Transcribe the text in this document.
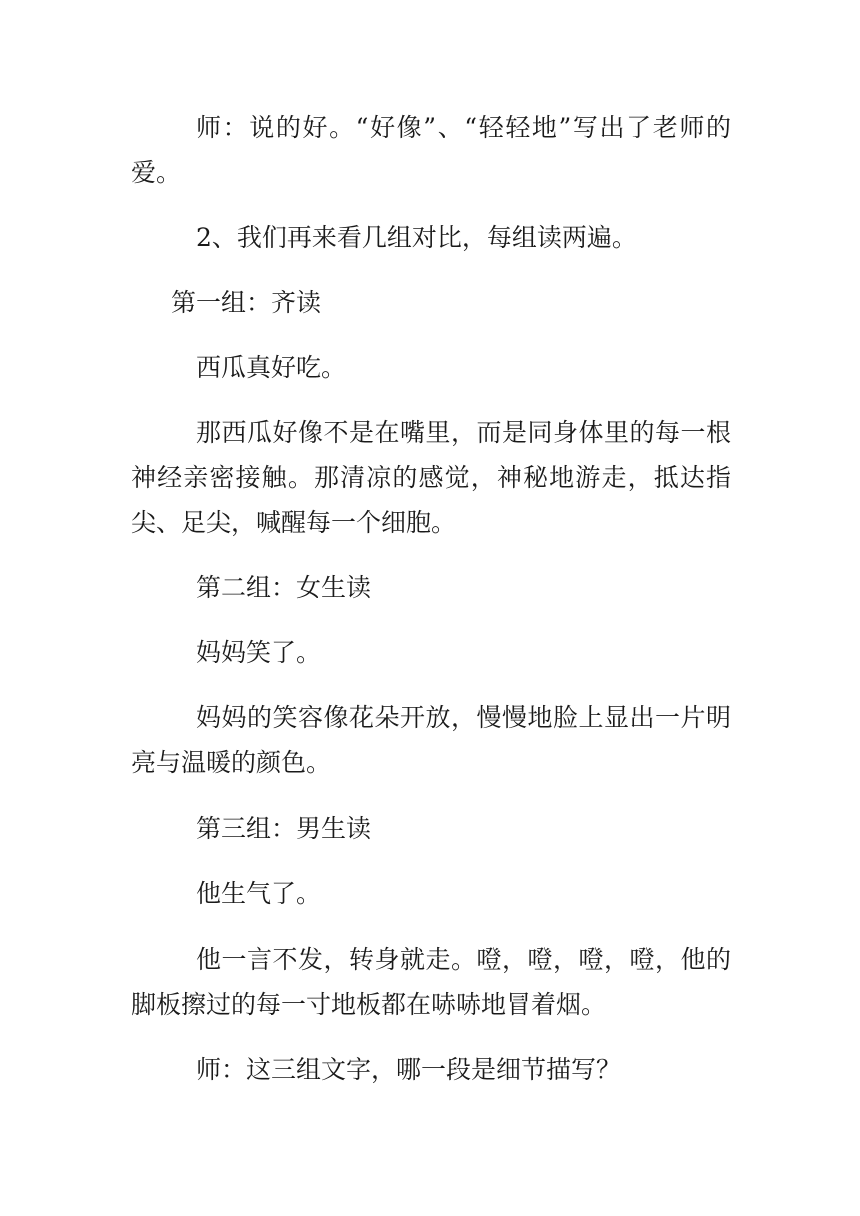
师：说的好。“好像”、“轻轻地”写出了老师的爱。

2、我们再来看几组对比，每组读两遍。

第一组：齐读

西瓜真好吃。

那西瓜好像不是在嘴里，而是同身体里的每一根神经亲密接触。那清凉的感觉，神秘地游走，抵达指尖、足尖，喊醒每一个细胞。

第二组：女生读

妈妈笑了。

妈妈的笑容像花朵开放，慢慢地脸上显出一片明亮与温暖的颜色。

第三组：男生读

他生气了。

他一言不发，转身就走。噔，噔，噔，噔，他的脚板擦过的每一寸地板都在哧哧地冒着烟。

师：这三组文字，哪一段是细节描写？
